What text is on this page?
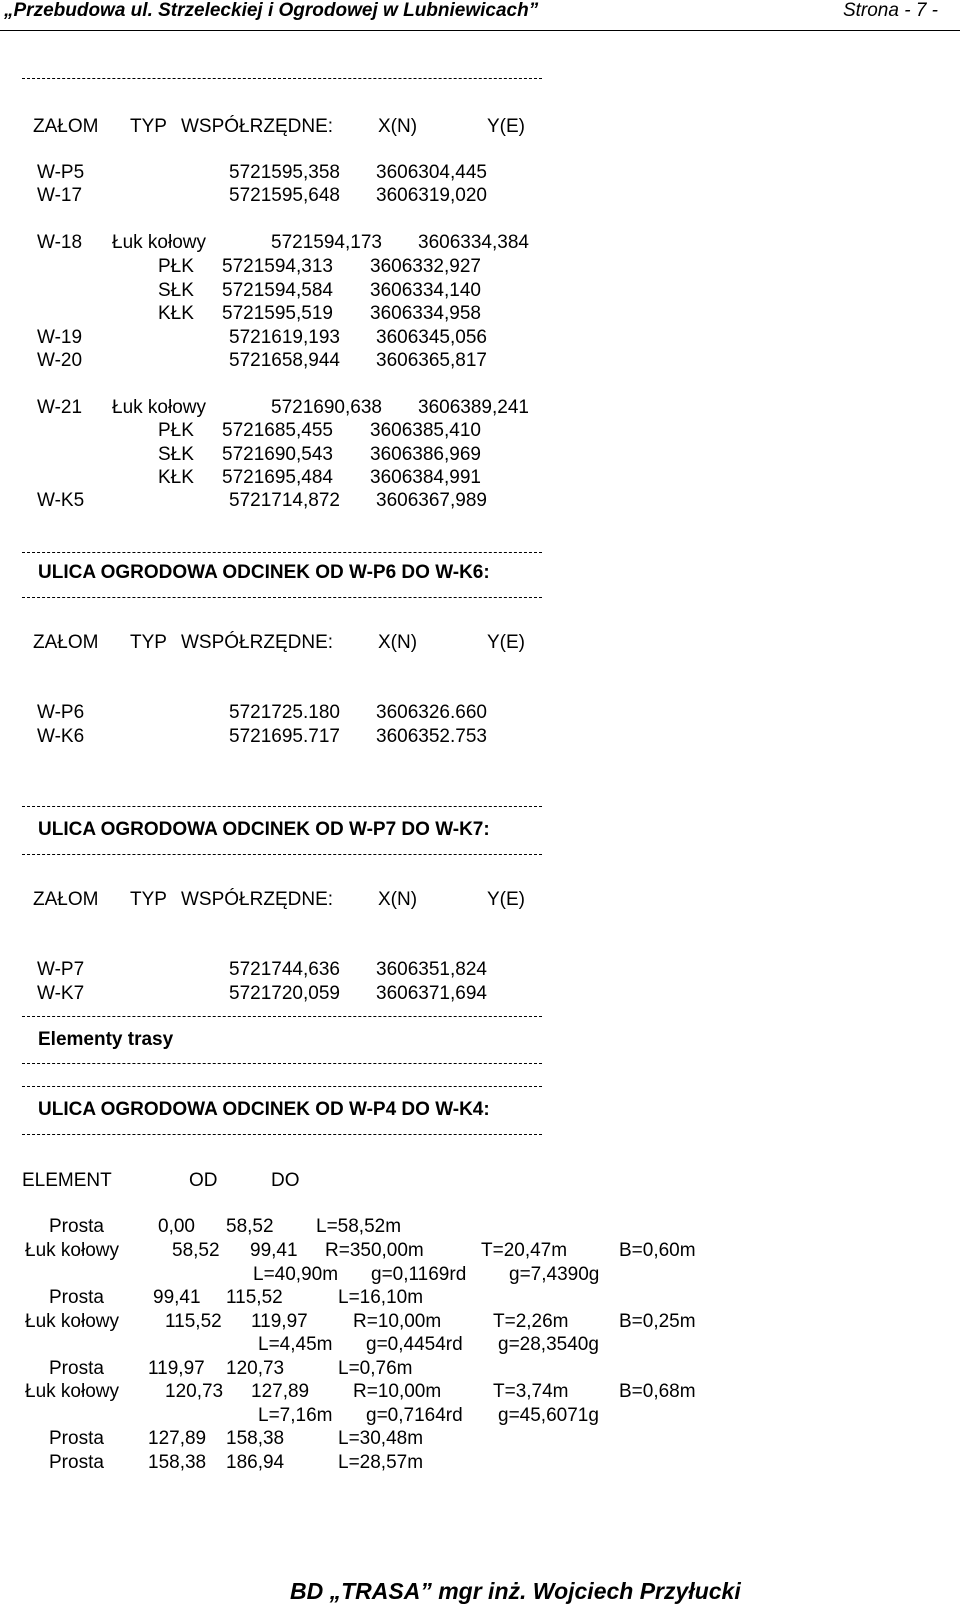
„Przebudowa ul. Strzeleckiej i Ogrodowej w Lubniewicach”	Strona - 7 -
ZAŁOM TYP WSPÓŁRZĘDNE: X(N)	Y(E)
W-P5	5721595,358 3606304,445
W-17	5721595,648 3606319,020
W-18 Łuk kołowy	5721594,173 3606334,384
PŁK 5721594,313 3606332,927
SŁK 5721594,584 3606334,140
KŁK 5721595,519 3606334,958
W-19	5721619,193 3606345,056
W-20	5721658,944 3606365,817
W-21 Łuk kołowy	5721690,638 3606389,241
PŁK 5721685,455 3606385,410
SŁK 5721690,543 3606386,969
KŁK 5721695,484 3606384,991
W-K5	5721714,872 3606367,989
ULICA OGRODOWA ODCINEK OD W-P6 DO W-K6:
ZAŁOM TYP WSPÓŁRZĘDNE: X(N)	Y(E)
W-P6	5721725.180 3606326.660
W-K6	5721695.717 3606352.753
ULICA OGRODOWA ODCINEK OD W-P7 DO W-K7:
ZAŁOM TYP WSPÓŁRZĘDNE: X(N)	Y(E)
W-P7	5721744,636 3606351,824
W-K7	5721720,059 3606371,694
Elementy trasy
ULICA OGRODOWA ODCINEK OD W-P4 DO W-K4:
ELEMENT	OD	DO
Prosta	0,00 58,52 L=58,52m
Łuk kołowy	58,52 99,41 R=350,00m	T=20,47m	B=0,60m
L=40,90m g=0,1169rd g=7,4390g
Prosta	99,41 115,52	L=16,10m
Łuk kołowy 115,52 119,97 R=10,00m	T=2,26m	B=0,25m
L=4,45m g=0,4454rd g=28,3540g
Prosta 119,97 120,73	L=0,76m
Łuk kołowy 120,73 127,89 R=10,00m	T=3,74m	B=0,68m
L=7,16m g=0,7164rd g=45,6071g
Prosta 127,89 158,38	L=30,48m
Prosta 158,38 186,94	L=28,57m
BD „TRASA” mgr inż. Wojciech Przyłucki
